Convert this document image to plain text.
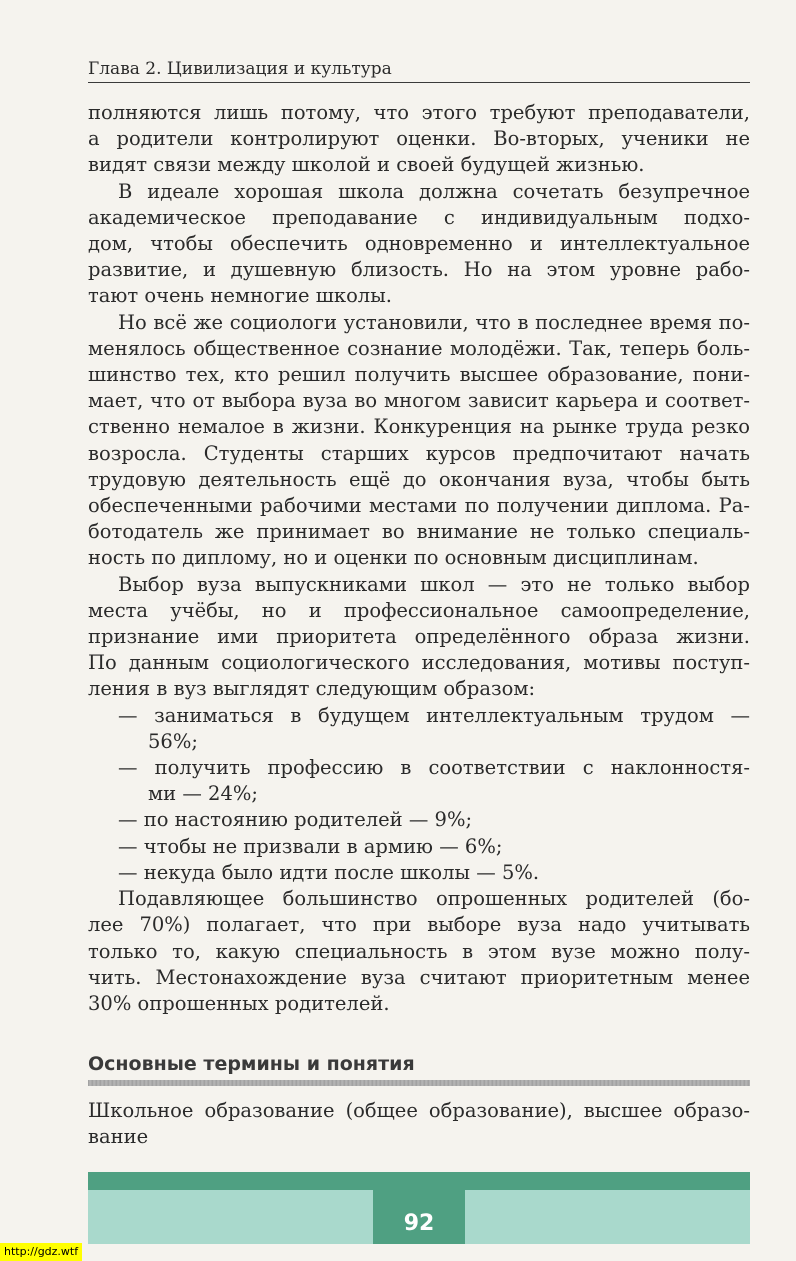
Глава 2. Цивилизация и культура
полняются лишь потому, что этого требуют преподаватели,
а родители контролируют оценки. Во-вторых, ученики не
видят связи между школой и своей будущей жизнью.
В идеале хорошая школа должна сочетать безупречное
академическое преподавание с индивидуальным подхо-
дом, чтобы обеспечить одновременно и интеллектуальное
развитие, и душевную близость. Но на этом уровне рабо-
тают очень немногие школы.
Но всё же социологи установили, что в последнее время по-
менялось общественное сознание молодёжи. Так, теперь боль-
шинство тех, кто решил получить высшее образование, пони-
мает, что от выбора вуза во многом зависит карьера и соответ-
ственно немалое в жизни. Конкуренция на рынке труда резко
возросла. Студенты старших курсов предпочитают начать
трудовую деятельность ещё до окончания вуза, чтобы быть
обеспеченными рабочими местами по получении диплома. Ра-
ботодатель же принимает во внимание не только специаль-
ность по диплому, но и оценки по основным дисциплинам.
Выбор вуза выпускниками школ — это не только выбор
места учёбы, но и профессиональное самоопределение,
признание ими приоритета определённого образа жизни.
По данным социологического исследования, мотивы поступ-
ления в вуз выглядят следующим образом:
— заниматься в будущем интеллектуальным трудом —
56%;
— получить профессию в соответствии с наклонностя-
ми — 24%;
— по настоянию родителей — 9%;
— чтобы не призвали в армию — 6%;
— некуда было идти после школы — 5%.
Подавляющее большинство опрошенных родителей (бо-
лее 70%) полагает, что при выборе вуза надо учитывать
только то, какую специальность в этом вузе можно полу-
чить. Местонахождение вуза считают приоритетным менее
30% опрошенных родителей.
Основные термины и понятия
Школьное образование (общее образование), высшее образо-
вание
92
http://gdz.wtf
